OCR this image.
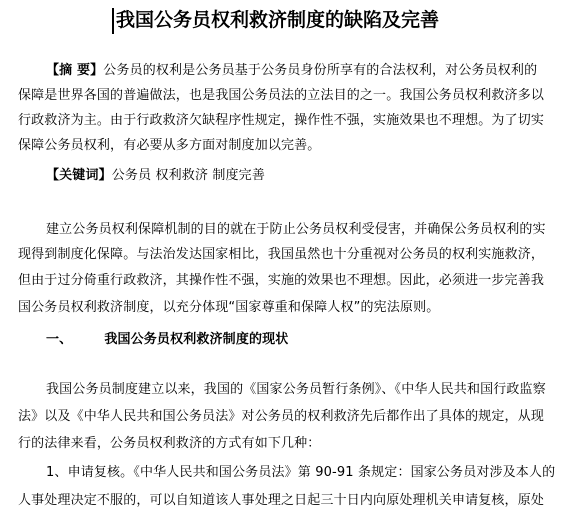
我国公务员权利救济制度的缺陷及完善
【摘 要】公务员的权利是公务员基于公务员身份所享有的合法权利，对公务员权利的
保障是世界各国的普遍做法，也是我国公务员法的立法目的之一。我国公务员权利救济多以
行政救济为主。由于行政救济欠缺程序性规定，操作性不强，实施效果也不理想。为了切实
保障公务员权利，有必要从多方面对制度加以完善。
【关键词】公务员 权利救济 制度完善
建立公务员权利保障机制的目的就在于防止公务员权利受侵害，并确保公务员权利的实
现得到制度化保障。与法治发达国家相比，我国虽然也十分重视对公务员的权利实施救济，
但由于过分倚重行政救济，其操作性不强，实施的效果也不理想。因此，必须进一步完善我
国公务员权利救济制度，以充分体现“国家尊重和保障人权”的宪法原则。
一、 我国公务员权利救济制度的现状
我国公务员制度建立以来，我国的《国家公务员暂行条例》、《中华人民共和国行政监察
法》以及《中华人民共和国公务员法》对公务员的权利救济先后都作出了具体的规定，从现
行的法律来看，公务员权利救济的方式有如下几种：
1、申请复核。《中华人民共和国公务员法》第 90-91 条规定：国家公务员对涉及本人的
人事处理决定不服的，可以自知道该人事处理之日起三十日内向原处理机关申请复核，原处
